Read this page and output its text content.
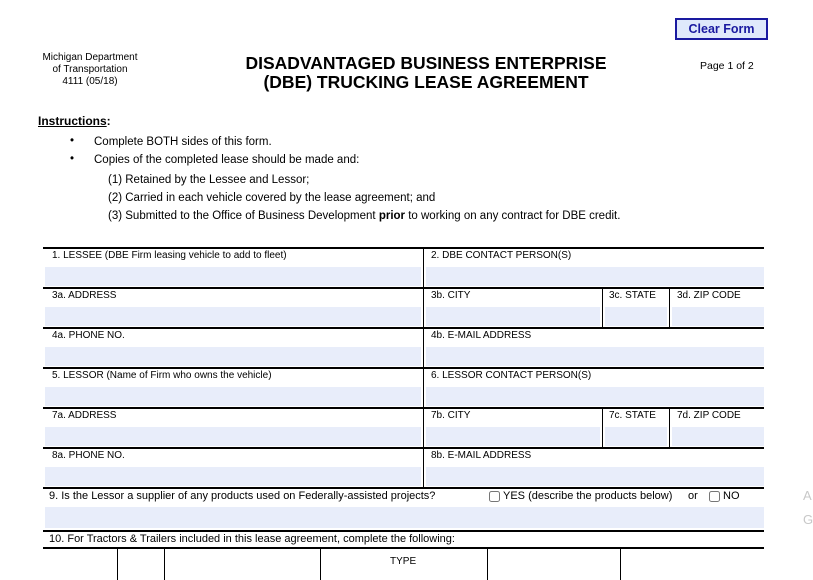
Michigan Department
of Transportation
4111 (05/18)
DISADVANTAGED BUSINESS ENTERPRISE
(DBE) TRUCKING LEASE AGREEMENT
Clear Form
Page 1 of 2
Instructions:
• Complete BOTH sides of this form.
• Copies of the completed lease should be made and:
(1) Retained by the Lessee and Lessor;
(2) Carried in each vehicle covered by the lease agreement; and
(3) Submitted to the Office of Business Development prior to working on any contract for DBE credit.
1. LESSEE (DBE Firm leasing vehicle to add to fleet)	2. DBE CONTACT PERSON(S)
3a. ADDRESS	3b. CITY	3c. STATE 3d. ZIP CODE
4a. PHONE NO.	4b. E-MAIL ADDRESS
5. LESSOR (Name of Firm who owns the vehicle)	6. LESSOR CONTACT PERSON(S)
7a. ADDRESS	7b. CITY	7c. STATE 7d. ZIP CODE
8a. PHONE NO.	8b. E-MAIL ADDRESS
9. Is the Lessor a supplier of any products used on Federally-assisted projects?	YES (describe the products below) or NO
10. For Tractors & Trailers included in this lease agreement, complete the following:
TYPE
A
G
